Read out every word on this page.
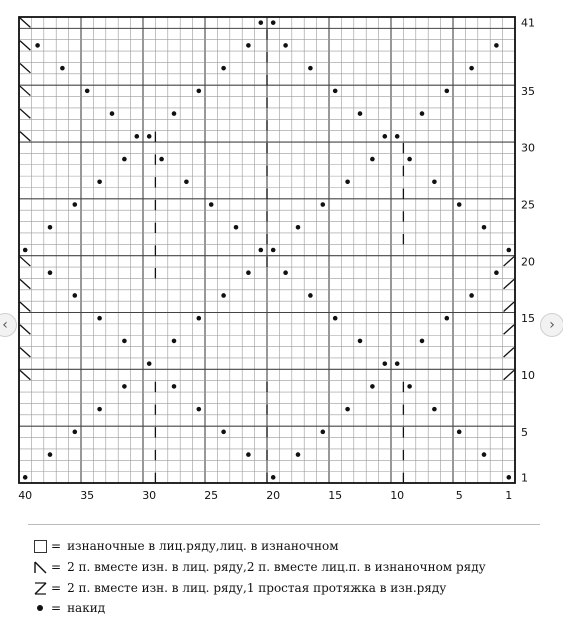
40	35	30	25	20	15	10	5	1
41
35
30
25
20
15
10
5
1
‹	›
= изнаночные в лиц.ряду,лиц. в изнаночном
= 2 п. вместе изн. в лиц. ряду,2 п. вместе лиц.п. в изнаночном ряду
= 2 п. вместе изн. в лиц. ряду,1 простая протяжка в изн.ряду
= накид
